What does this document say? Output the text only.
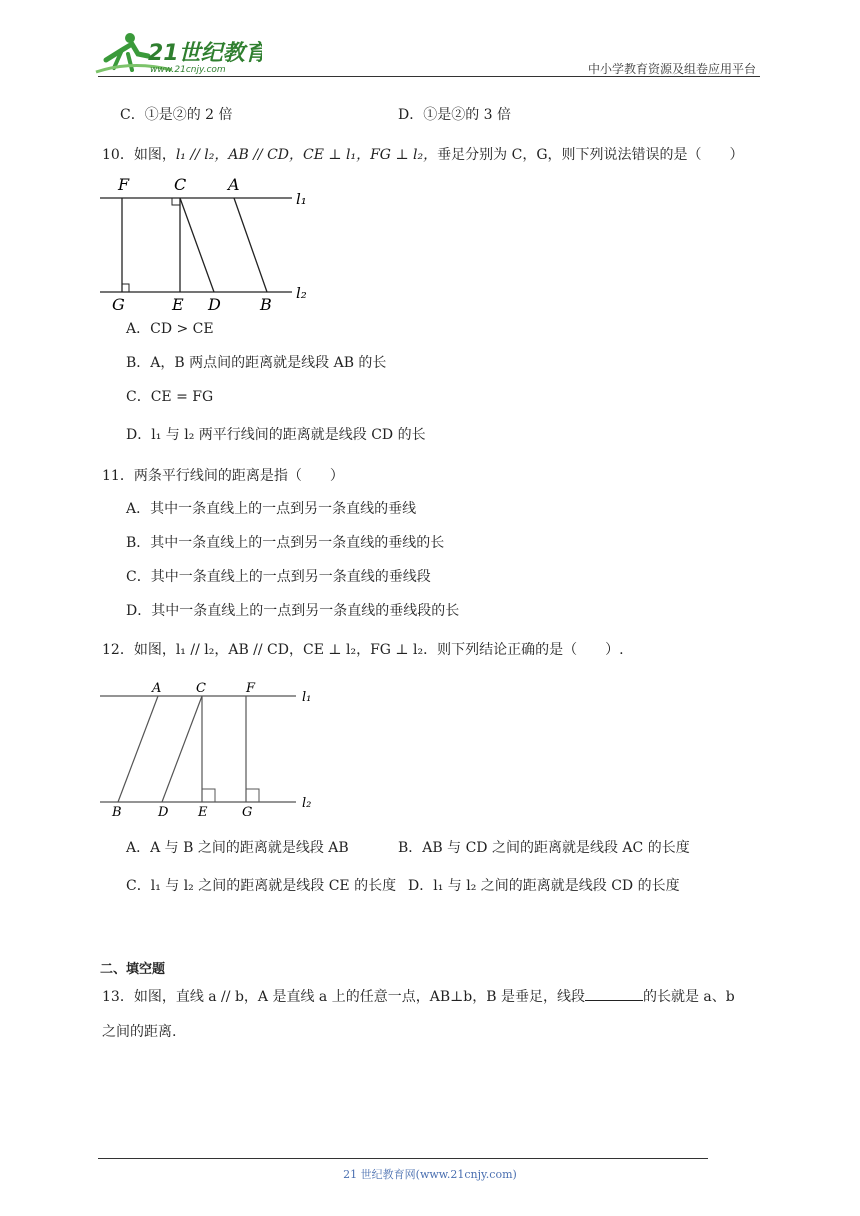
21世纪教育
www.21cnjy.com	中小学教育资源及组卷应用平台
C．①是②的 2 倍	D．①是②的 3 倍
10．如图，l₁ // l₂，AB // CD，CE ⊥ l₁，FG ⊥ l₂，垂足分别为 C，G，则下列说法错误的是（　　）
F	C	A
l₁
G	E D B
l₂
A．CD > CE
B．A，B 两点间的距离就是线段 AB 的长
C．CE = FG
D．l₁ 与 l₂ 两平行线间的距离就是线段 CD 的长
11．两条平行线间的距离是指（　　）
A．其中一条直线上的一点到另一条直线的垂线
B．其中一条直线上的一点到另一条直线的垂线的长
C．其中一条直线上的一点到另一条直线的垂线段
D．其中一条直线上的一点到另一条直线的垂线段的长
12．如图，l₁ // l₂，AB // CD，CE ⊥ l₂，FG ⊥ l₂．则下列结论正确的是（　　）.
A	C	F
l₁
B	D E	G
l₂
A．A 与 B 之间的距离就是线段 AB	B．AB 与 CD 之间的距离就是线段 AC 的长度
C．l₁ 与 l₂ 之间的距离就是线段 CE 的长度 D．l₁ 与 l₂ 之间的距离就是线段 CD 的长度
二、填空题
13．如图，直线 a // b，A 是直线 a 上的任意一点，AB⊥b，B 是垂足，线段	的长就是 a、b
之间的距离.
21 世纪教育网(www.21cnjy.com)
